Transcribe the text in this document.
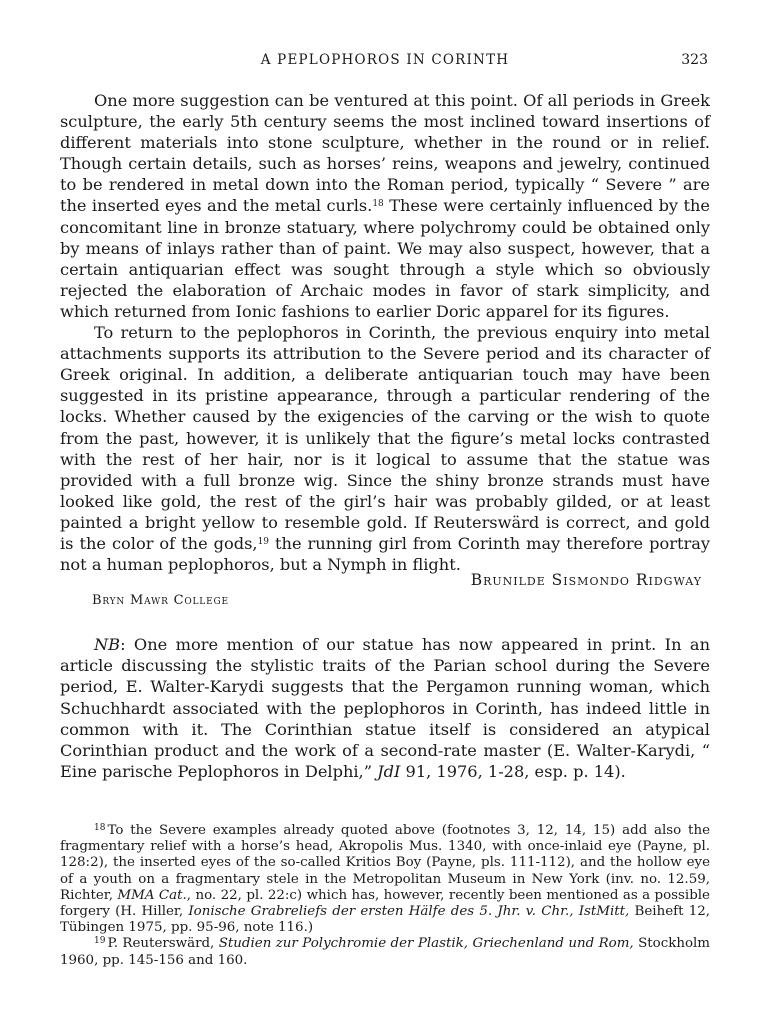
A PEPLOPHOROS IN CORINTH	323

One more suggestion can be ventured at this point. Of all periods in Greek sculpture, the early 5th century seems the most inclined toward insertions of different materials into stone sculpture, whether in the round or in relief. Though certain details, such as horses’ reins, weapons and jewelry, continued to be rendered in metal down into the Roman period, typically “ Severe ” are the inserted eyes and the metal curls.$^{18}$ These were certainly influenced by the concomitant line in bronze statuary, where polychromy could be obtained only by means of inlays rather than of paint. We may also suspect, however, that a certain antiquarian effect was sought through a style which so obviously rejected the elaboration of Archaic modes in favor of stark simplicity, and which returned from Ionic fashions to earlier Doric apparel for its figures.

To return to the peplophoros in Corinth, the previous enquiry into metal attachments supports its attribution to the Severe period and its character of Greek original. In addition, a deliberate antiquarian touch may have been suggested in its pristine appearance, through a particular rendering of the locks. Whether caused by the exigencies of the carving or the wish to quote from the past, however, it is unlikely that the figure’s metal locks contrasted with the rest of her hair, nor is it logical to assume that the statue was provided with a full bronze wig. Since the shiny bronze strands must have looked like gold, the rest of the girl’s hair was probably gilded, or at least painted a bright yellow to resemble gold. If Reuterswärd is correct, and gold is the color of the gods,$^{19}$ the running girl from Corinth may therefore portray not a human peplophoros, but a Nymph in flight.

Brunilde Sismondo Ridgway
Bryn Mawr College

NB: One more mention of our statue has now appeared in print. In an article discussing the stylistic traits of the Parian school during the Severe period, E. Walter-Karydi suggests that the Pergamon running woman, which Schuchhardt associated with the peplophoros in Corinth, has indeed little in common with it. The Corinthian statue itself is considered an atypical Corinthian product and the work of a second-rate master (E. Walter-Karydi, “ Eine parische Peplophoros in Delphi,” JdI 91, 1976, 1-28, esp. p. 14).

$^{18}$ To the Severe examples already quoted above (footnotes 3, 12, 14, 15) add also the fragmentary relief with a horse’s head, Akropolis Mus. 1340, with once-inlaid eye (Payne, pl. 128:2), the inserted eyes of the so-called Kritios Boy (Payne, pls. 111-112), and the hollow eye of a youth on a fragmentary stele in the Metropolitan Museum in New York (inv. no. 12.59, Richter, MMA Cat., no. 22, pl. 22:c) which has, however, recently been mentioned as a possible forgery (H. Hiller, Ionische Grabreliefs der ersten Hälfe des 5. Jhr. v. Chr., IstMitt, Beiheft 12, Tübingen 1975, pp. 95-96, note 116.)

$^{19}$ P. Reuterswärd, Studien zur Polychromie der Plastik, Griechenland und Rom, Stockholm 1960, pp. 145-156 and 160.
